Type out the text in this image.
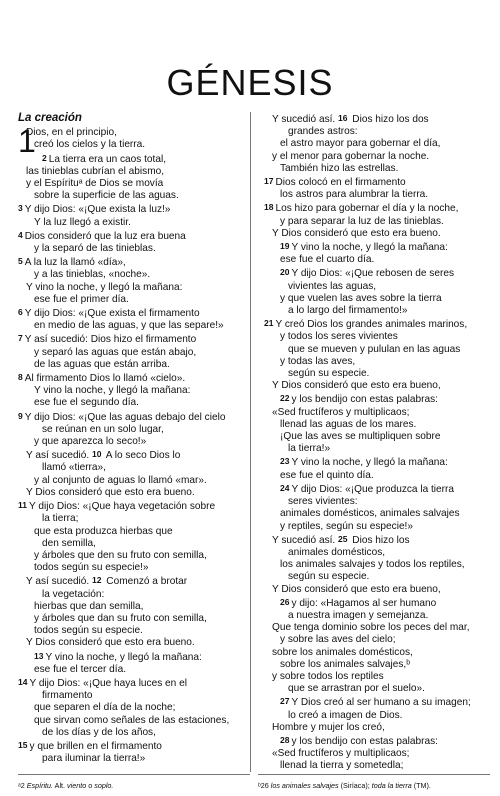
GÉNESIS
La creación
1
Dios, en el principio,
creó los cielos y la tierra.
2 La tierra era un caos total,
las tinieblas cubrían el abismo,
y el Espírituᵃ de Dios se movía
sobre la superficie de las aguas.
3 Y dijo Dios: «¡Que exista la luz!»
Y la luz llegó a existir.
4 Dios consideró que la luz era buena
y la separó de las tinieblas.
5 A la luz la llamó «día»,
y a las tinieblas, «noche».
Y vino la noche, y llegó la mañana:
ese fue el primer día.
6 Y dijo Dios: «¡Que exista el firmamento
en medio de las aguas, y que las separe!»
7 Y así sucedió: Dios hizo el firmamento
y separó las aguas que están abajo,
de las aguas que están arriba.
8 Al firmamento Dios lo llamó «cielo».
Y vino la noche, y llegó la mañana:
ese fue el segundo día.
9 Y dijo Dios: «¡Que las aguas debajo del cielo
se reúnan en un solo lugar,
y que aparezca lo seco!»
Y así sucedió. 10 A lo seco Dios lo
llamó «tierra»,
y al conjunto de aguas lo llamó «mar».
Y Dios consideró que esto era bueno.
11 Y dijo Dios: «¡Que haya vegetación sobre
la tierra;
que esta produzca hierbas que
den semilla,
y árboles que den su fruto con semilla,
todos según su especie!»
Y así sucedió. 12 Comenzó a brotar
la vegetación:
hierbas que dan semilla,
y árboles que dan su fruto con semilla,
todos según su especie.
Y Dios consideró que esto era bueno.
13 Y vino la noche, y llegó la mañana:
ese fue el tercer día.
14 Y dijo Dios: «¡Que haya luces en el
firmamento
que separen el día de la noche;
que sirvan como señales de las estaciones,
de los días y de los años,
15 y que brillen en el firmamento
para iluminar la tierra!»
Y sucedió así. 16 Dios hizo los dos
grandes astros:
el astro mayor para gobernar el día,
y el menor para gobernar la noche.
También hizo las estrellas.
17 Dios colocó en el firmamento
los astros para alumbrar la tierra.
18 Los hizo para gobernar el día y la noche,
y para separar la luz de las tinieblas.
Y Dios consideró que esto era bueno.
19 Y vino la noche, y llegó la mañana:
ese fue el cuarto día.
20 Y dijo Dios: «¡Que rebosen de seres
vivientes las aguas,
y que vuelen las aves sobre la tierra
a lo largo del firmamento!»
21 Y creó Dios los grandes animales marinos,
y todos los seres vivientes
que se mueven y pululan en las aguas
y todas las aves,
según su especie.
Y Dios consideró que esto era bueno,
22 y los bendijo con estas palabras:
«Sed fructíferos y multiplicaos;
llenad las aguas de los mares.
¡Que las aves se multipliquen sobre
la tierra!»
23 Y vino la noche, y llegó la mañana:
ese fue el quinto día.
24 Y dijo Dios: «¡Que produzca la tierra
seres vivientes:
animales domésticos, animales salvajes
y reptiles, según su especie!»
Y sucedió así. 25 Dios hizo los
animales domésticos,
los animales salvajes y todos los reptiles,
según su especie.
Y Dios consideró que esto era bueno,
26 y dijo: «Hagamos al ser humano
a nuestra imagen y semejanza.
Que tenga dominio sobre los peces del mar,
y sobre las aves del cielo;
sobre los animales domésticos,
sobre los animales salvajes,ᵇ
y sobre todos los reptiles
que se arrastran por el suelo».
27 Y Dios creó al ser humano a su imagen;
lo creó a imagen de Dios.
Hombre y mujer los creó,
28 y los bendijo con estas palabras:
«Sed fructíferos y multiplicaos;
llenad la tierra y sometedla;
ᵃ2 Espíritu. Alt. viento o soplo.	ᵇ26 los animales salvajes (Siríaca); toda la tierra (TM).
